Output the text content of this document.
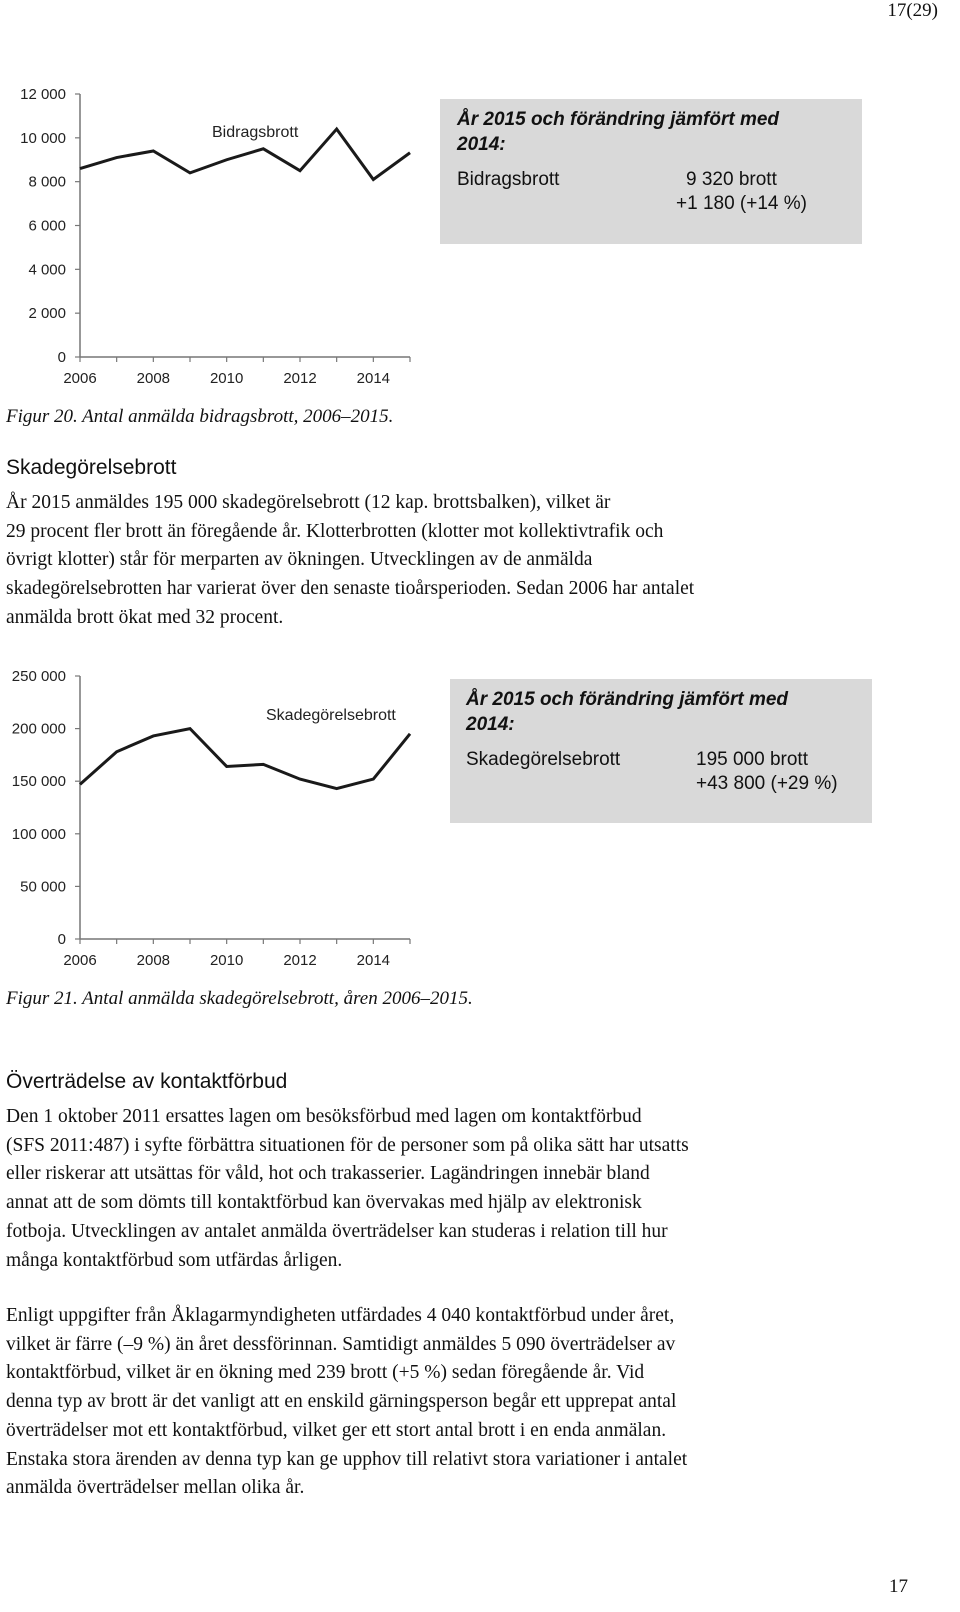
17(29)
12 000
10 000
8 000
6 000
4 000
2 000
0
2006	2008	2010	2012	2014
Bidragsbrott
År 2015 och förändring jämfört med 2014:
Bidragsbrott	9 320 brott
+1 180 (+14 %)
Figur 20. Antal anmälda bidragsbrott, 2006–2015.
Skadegörelsebrott
År 2015 anmäldes 195 000 skadegörelsebrott (12 kap. brottsbalken), vilket är
29 procent fler brott än föregående år. Klotterbrotten (klotter mot kollektivtrafik och
övrigt klotter) står för merparten av ökningen. Utvecklingen av de anmälda
skadegörelsebrotten har varierat över den senaste tioårsperioden. Sedan 2006 har antalet
anmälda brott ökat med 32 procent.
250 000
200 000
150 000
100 000
50 000
0
2006	2008	2010	2012	2014
Skadegörelsebrott
År 2015 och förändring jämfört med 2014:
Skadegörelsebrott	195 000 brott
+43 800 (+29 %)
Figur 21. Antal anmälda skadegörelsebrott, åren 2006–2015.
Överträdelse av kontaktförbud
Den 1 oktober 2011 ersattes lagen om besöksförbud med lagen om kontaktförbud
(SFS 2011:487) i syfte förbättra situationen för de personer som på olika sätt har utsatts
eller riskerar att utsättas för våld, hot och trakasserier. Lagändringen innebär bland
annat att de som dömts till kontaktförbud kan övervakas med hjälp av elektronisk
fotboja. Utvecklingen av antalet anmälda överträdelser kan studeras i relation till hur
många kontaktförbud som utfärdas årligen.
Enligt uppgifter från Åklagarmyndigheten utfärdades 4 040 kontaktförbud under året,
vilket är färre (–9 %) än året dessförinnan. Samtidigt anmäldes 5 090 överträdelser av
kontaktförbud, vilket är en ökning med 239 brott (+5 %) sedan föregående år. Vid
denna typ av brott är det vanligt att en enskild gärningsperson begår ett upprepat antal
överträdelser mot ett kontaktförbud, vilket ger ett stort antal brott i en enda anmälan.
Enstaka stora ärenden av denna typ kan ge upphov till relativt stora variationer i antalet
anmälda överträdelser mellan olika år.
17
